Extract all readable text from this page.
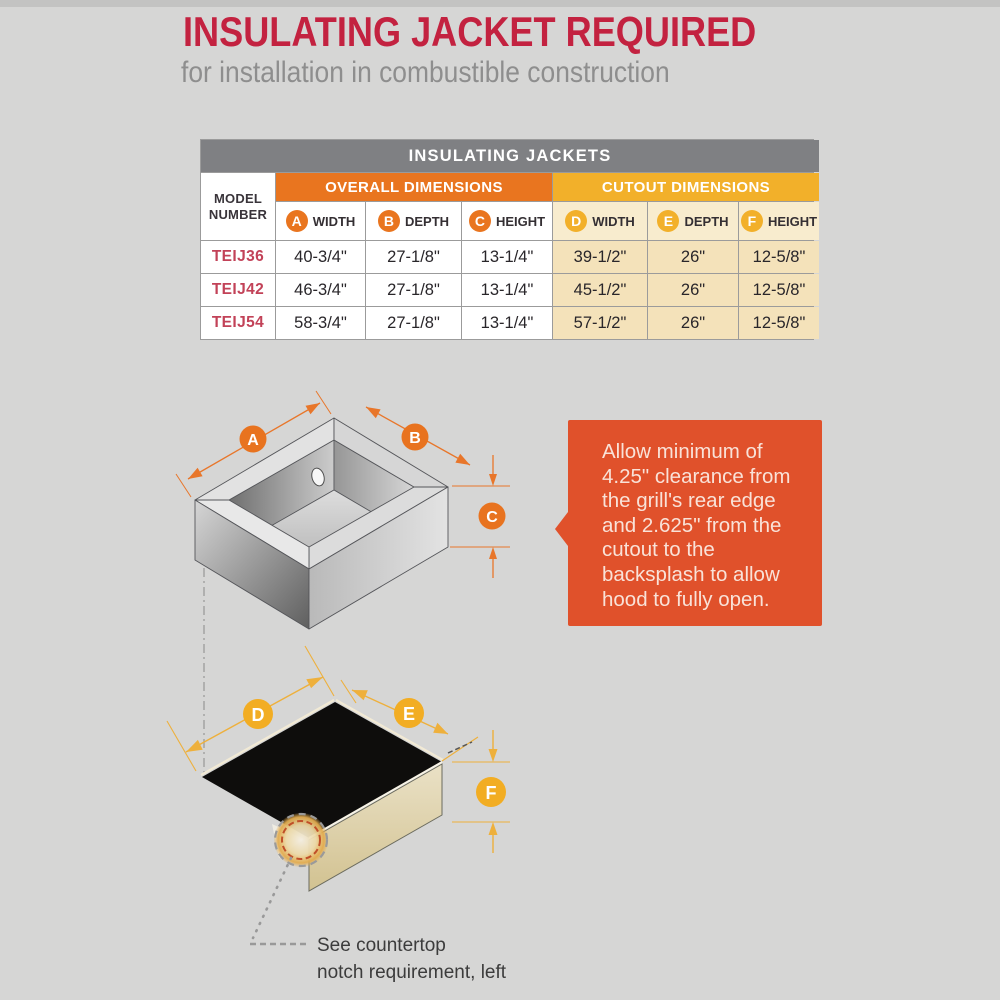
INSULATING JACKET REQUIRED
for installation in combustible construction
INSULATING JACKETS
MODEL
NUMBER
OVERALL DIMENSIONS	CUTOUT DIMENSIONS
A WIDTH	B DEPTH	C HEIGHT	D WIDTH	E DEPTH	F HEIGHT
TEIJ36	40-3/4"	27-1/8"	13-1/4"	39-1/2"	26"	12-5/8"
TEIJ42	46-3/4"	27-1/8"	13-1/4"	45-1/2"	26"	12-5/8"
TEIJ54	58-3/4"	27-1/8"	13-1/4"	57-1/2"	26"	12-5/8"
A	B
C
D	E
F
Allow minimum of
4.25" clearance from
the grill's rear edge
and 2.625" from the
cutout to the
backsplash to allow
hood to fully open.
See countertop
notch requirement, left
